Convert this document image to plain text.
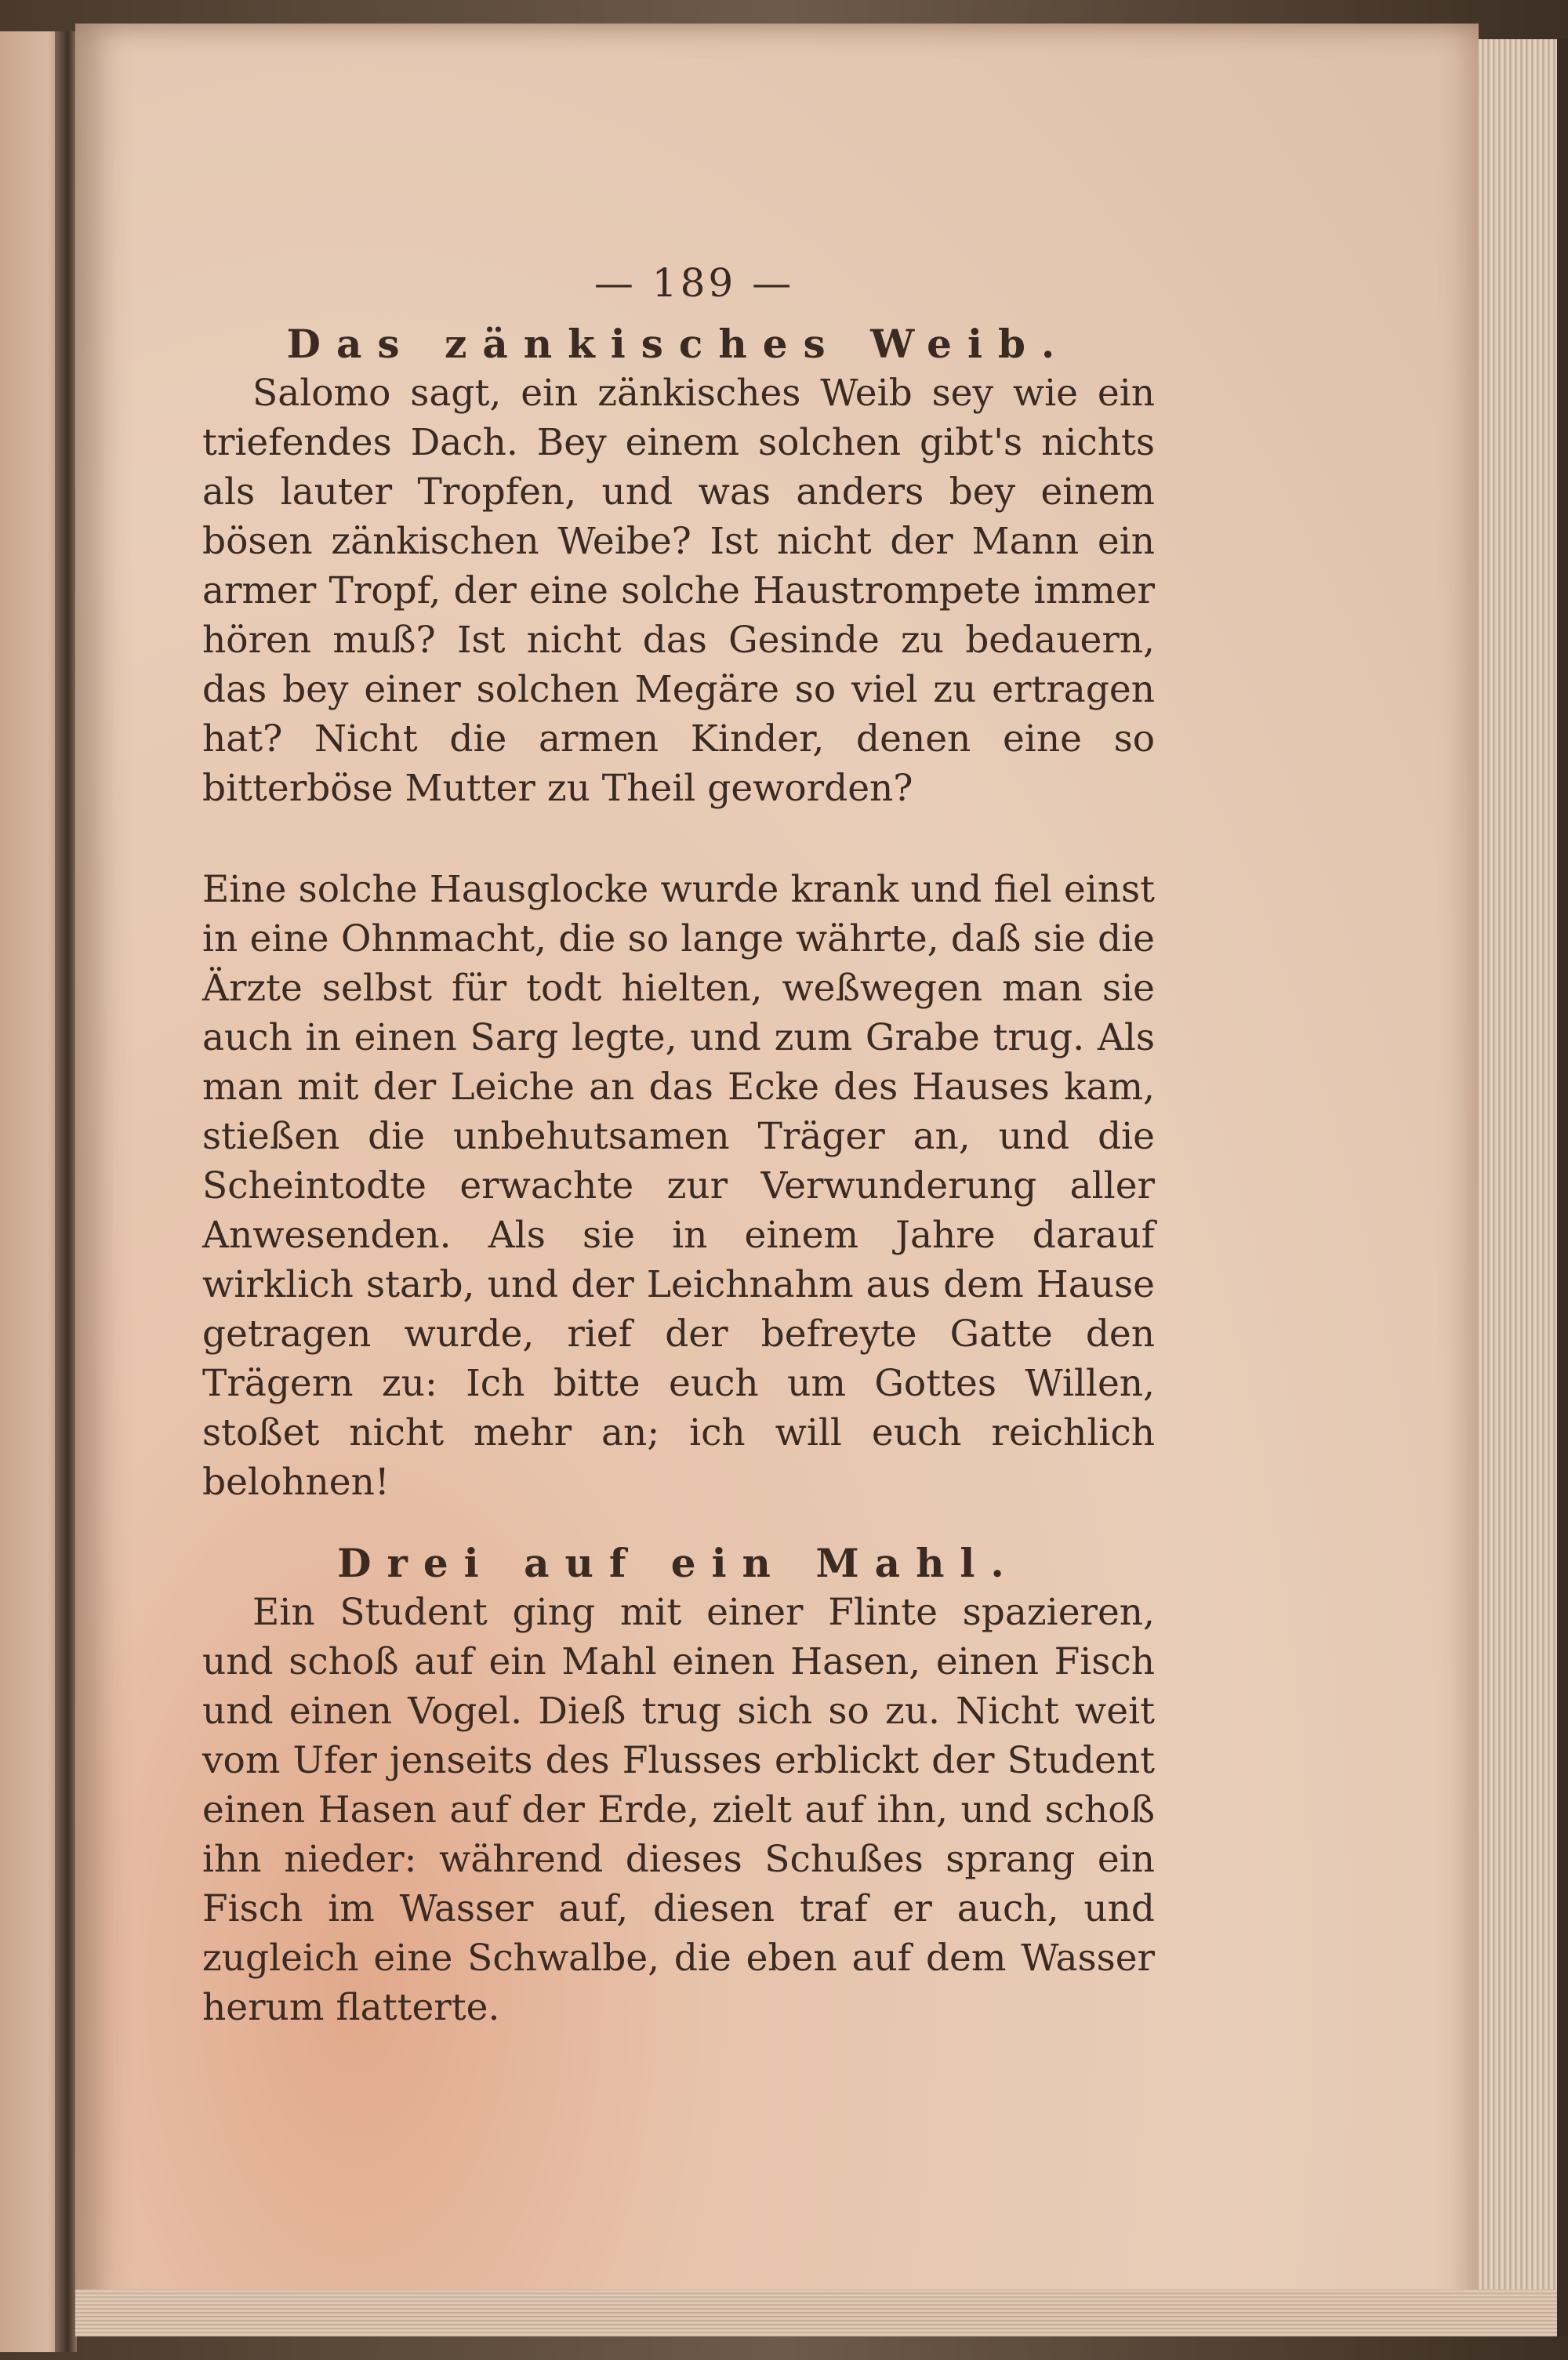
— 189 —
Das zänkisches Weib.

Salomo sagt, ein zänkisches Weib sey wie ein triefendes Dach. Bey einem solchen gibt's nichts als lauter Tropfen, und was anders bey einem bösen zänkischen Weibe? Ist nicht der Mann ein armer Tropf, der eine solche Haustrompete immer hören muß? Ist nicht das Gesinde zu bedauern, das bey einer solchen Megäre so viel zu ertragen hat? Nicht die armen Kinder, denen eine so bitterböse Mutter zu Theil geworden?

Eine solche Hausglocke wurde krank und fiel einst in eine Ohnmacht, die so lange währte, daß sie die Ärzte selbst für todt hielten, weßwegen man sie auch in einen Sarg legte, und zum Grabe trug. Als man mit der Leiche an das Ecke des Hauses kam, stießen die unbehutsamen Träger an, und die Scheintodte erwachte zur Verwunderung aller Anwesenden. Als sie in einem Jahre darauf wirklich starb, und der Leichnahm aus dem Hause getragen wurde, rief der befreyte Gatte den Trägern zu: Ich bitte euch um Gottes Willen, stoßet nicht mehr an; ich will euch reichlich belohnen!

Drei auf ein Mahl.

Ein Student ging mit einer Flinte spazieren, und schoß auf ein Mahl einen Hasen, einen Fisch und einen Vogel. Dieß trug sich so zu. Nicht weit vom Ufer jenseits des Flusses erblickt der Student einen Hasen auf der Erde, zielt auf ihn, und schoß ihn nieder: während dieses Schußes sprang ein Fisch im Wasser auf, diesen traf er auch, und zugleich eine Schwalbe, die eben auf dem Wasser herum flatterte.
